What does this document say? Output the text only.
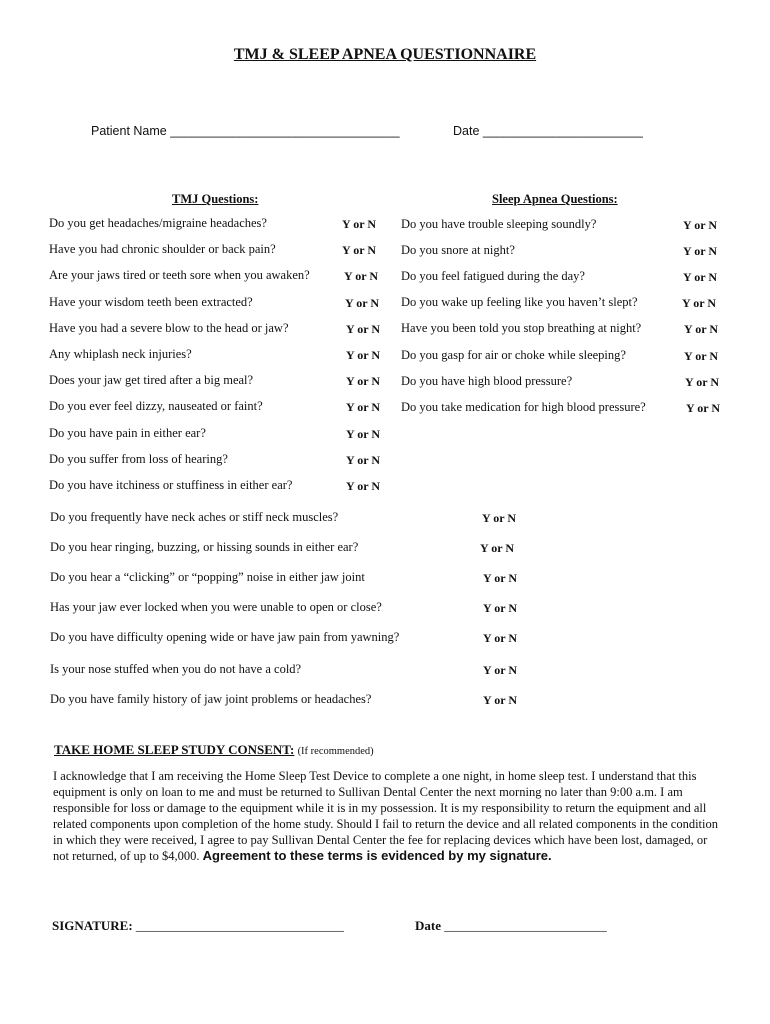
TMJ & SLEEP APNEA QUESTIONNAIRE
Patient Name _________________________________	Date _______________________
TMJ Questions:	Sleep Apnea Questions:
Do you get headaches/migraine headaches?	Y or N
Have you had chronic shoulder or back pain?	Y or N
Are your jaws tired or teeth sore when you awaken?	Y or N
Have your wisdom teeth been extracted?	Y or N
Have you had a severe blow to the head or jaw?	Y or N
Any whiplash neck injuries?	Y or N
Does your jaw get tired after a big meal?	Y or N
Do you ever feel dizzy, nauseated or faint?	Y or N
Do you have pain in either ear?	Y or N
Do you suffer from loss of hearing?	Y or N
Do you have itchiness or stuffiness in either ear?	Y or N
Do you have trouble sleeping soundly?	Y or N
Do you snore at night?	Y or N
Do you feel fatigued during the day?	Y or N
Do you wake up feeling like you haven’t slept?	Y or N
Have you been told you stop breathing at night?	Y or N
Do you gasp for air or choke while sleeping?	Y or N
Do you have high blood pressure?	Y or N
Do you take medication for high blood pressure?	Y or N
Do you frequently have neck aches or stiff neck muscles?	Y or N
Do you hear ringing, buzzing, or hissing sounds in either ear?	Y or N
Do you hear a “clicking” or “popping” noise in either jaw joint	Y or N
Has your jaw ever locked when you were unable to open or close?	Y or N
Do you have difficulty opening wide or have jaw pain from yawning?	Y or N
Is your nose stuffed when you do not have a cold?	Y or N
Do you have family history of jaw joint problems or headaches?	Y or N
TAKE HOME SLEEP STUDY CONSENT: (If recommended)
I acknowledge that I am receiving the Home Sleep Test Device to complete a one night, in home sleep test. I understand that this equipment is only on loan to me and must be returned to Sullivan Dental Center the next morning no later than 9:00 a.m. I am responsible for loss or damage to the equipment while it is in my possession. It is my responsibility to return the equipment and all related components upon completion of the home study. Should I fail to return the device and all related components in the condition in which they were received, I agree to pay Sullivan Dental Center the fee for replacing devices which have been lost, damaged, or not returned, of up to $4,000. Agreement to these terms is evidenced by my signature.
SIGNATURE: ________________________________	Date _________________________
